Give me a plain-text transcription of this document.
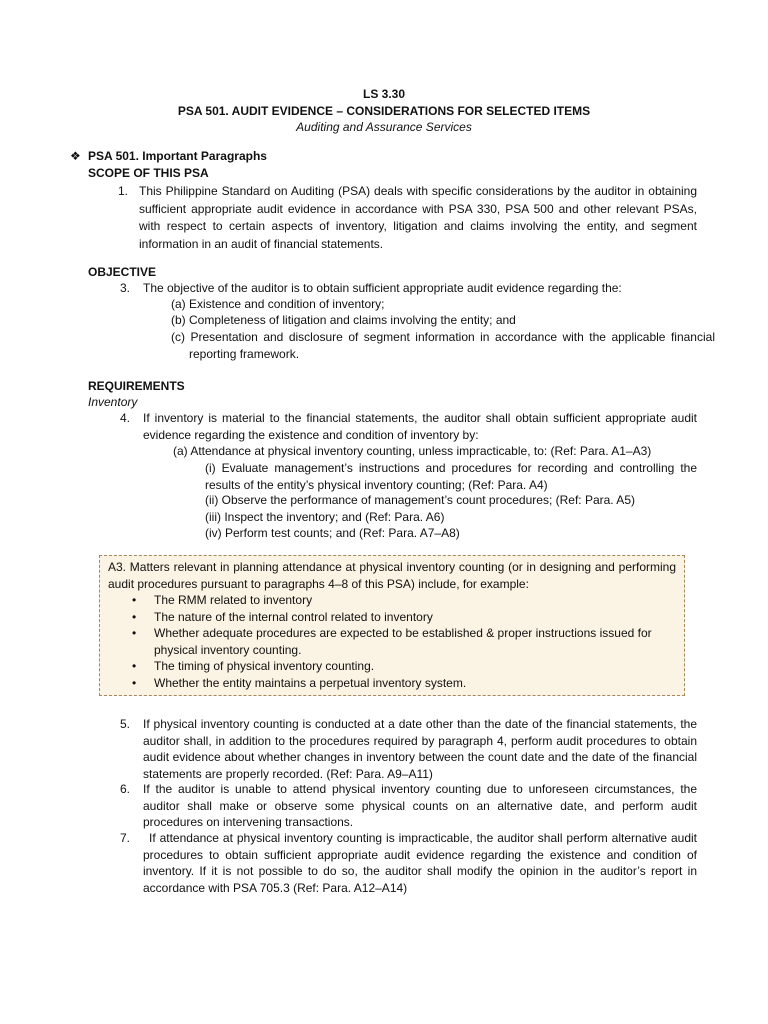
LS 3.30
PSA 501. AUDIT EVIDENCE – CONSIDERATIONS FOR SELECTED ITEMS
Auditing and Assurance Services
❖ PSA 501. Important Paragraphs
SCOPE OF THIS PSA
1. This Philippine Standard on Auditing (PSA) deals with specific considerations by the auditor in obtaining sufficient appropriate audit evidence in accordance with PSA 330, PSA 500 and other relevant PSAs, with respect to certain aspects of inventory, litigation and claims involving the entity, and segment information in an audit of financial statements.
OBJECTIVE
3. The objective of the auditor is to obtain sufficient appropriate audit evidence regarding the:
(a) Existence and condition of inventory;
(b) Completeness of litigation and claims involving the entity; and
(c) Presentation and disclosure of segment information in accordance with the applicable financial reporting framework.
REQUIREMENTS
Inventory
4. If inventory is material to the financial statements, the auditor shall obtain sufficient appropriate audit evidence regarding the existence and condition of inventory by:
(a) Attendance at physical inventory counting, unless impracticable, to: (Ref: Para. A1–A3)
(i) Evaluate management’s instructions and procedures for recording and controlling the results of the entity’s physical inventory counting; (Ref: Para. A4)
(ii) Observe the performance of management’s count procedures; (Ref: Para. A5)
(iii) Inspect the inventory; and (Ref: Para. A6)
(iv) Perform test counts; and (Ref: Para. A7–A8)
A3. Matters relevant in planning attendance at physical inventory counting (or in designing and performing audit procedures pursuant to paragraphs 4–8 of this PSA) include, for example:
• The RMM related to inventory
• The nature of the internal control related to inventory
• Whether adequate procedures are expected to be established & proper instructions issued for physical inventory counting.
• The timing of physical inventory counting.
• Whether the entity maintains a perpetual inventory system.
5. If physical inventory counting is conducted at a date other than the date of the financial statements, the auditor shall, in addition to the procedures required by paragraph 4, perform audit procedures to obtain audit evidence about whether changes in inventory between the count date and the date of the financial statements are properly recorded. (Ref: Para. A9–A11)
6. If the auditor is unable to attend physical inventory counting due to unforeseen circumstances, the auditor shall make or observe some physical counts on an alternative date, and perform audit procedures on intervening transactions.
7.	If attendance at physical inventory counting is impracticable, the auditor shall perform alternative audit procedures to obtain sufficient appropriate audit evidence regarding the existence and condition of inventory. If it is not possible to do so, the auditor shall modify the opinion in the auditor’s report in accordance with PSA 705.3 (Ref: Para. A12–A14)
